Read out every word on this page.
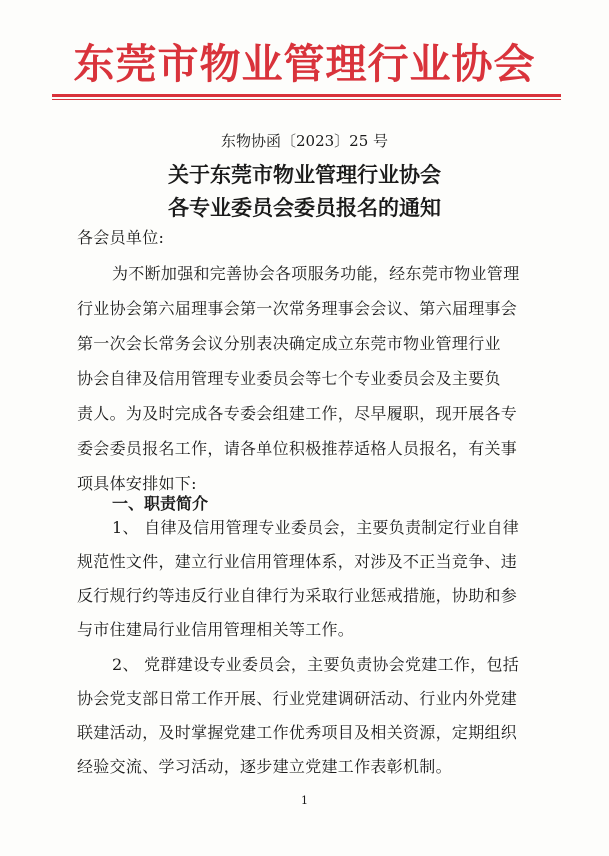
东莞市物业管理行业协会
东物协函〔2023〕25 号
关于东莞市物业管理行业协会
各专业委员会委员报名的通知
各会员单位:
为不断加强和完善协会各项服务功能，经东莞市物业管理
行业协会第六届理事会第一次常务理事会会议、第六届理事会
第一次会长常务会议分别表决确定成立东莞市物业管理行业
协会自律及信用管理专业委员会等七个专业委员会及主要负
责人。为及时完成各专委会组建工作，尽早履职，现开展各专
委会委员报名工作，请各单位积极推荐适格人员报名，有关事
项具体安排如下:
一、职责简介
1、 自律及信用管理专业委员会，主要负责制定行业自律
规范性文件，建立行业信用管理体系，对涉及不正当竞争、违
反行规行约等违反行业自律行为采取行业惩戒措施，协助和参
与市住建局行业信用管理相关等工作。
2、 党群建设专业委员会，主要负责协会党建工作，包括
协会党支部日常工作开展、行业党建调研活动、行业内外党建
联建活动，及时掌握党建工作优秀项目及相关资源，定期组织
经验交流、学习活动，逐步建立党建工作表彰机制。
1
